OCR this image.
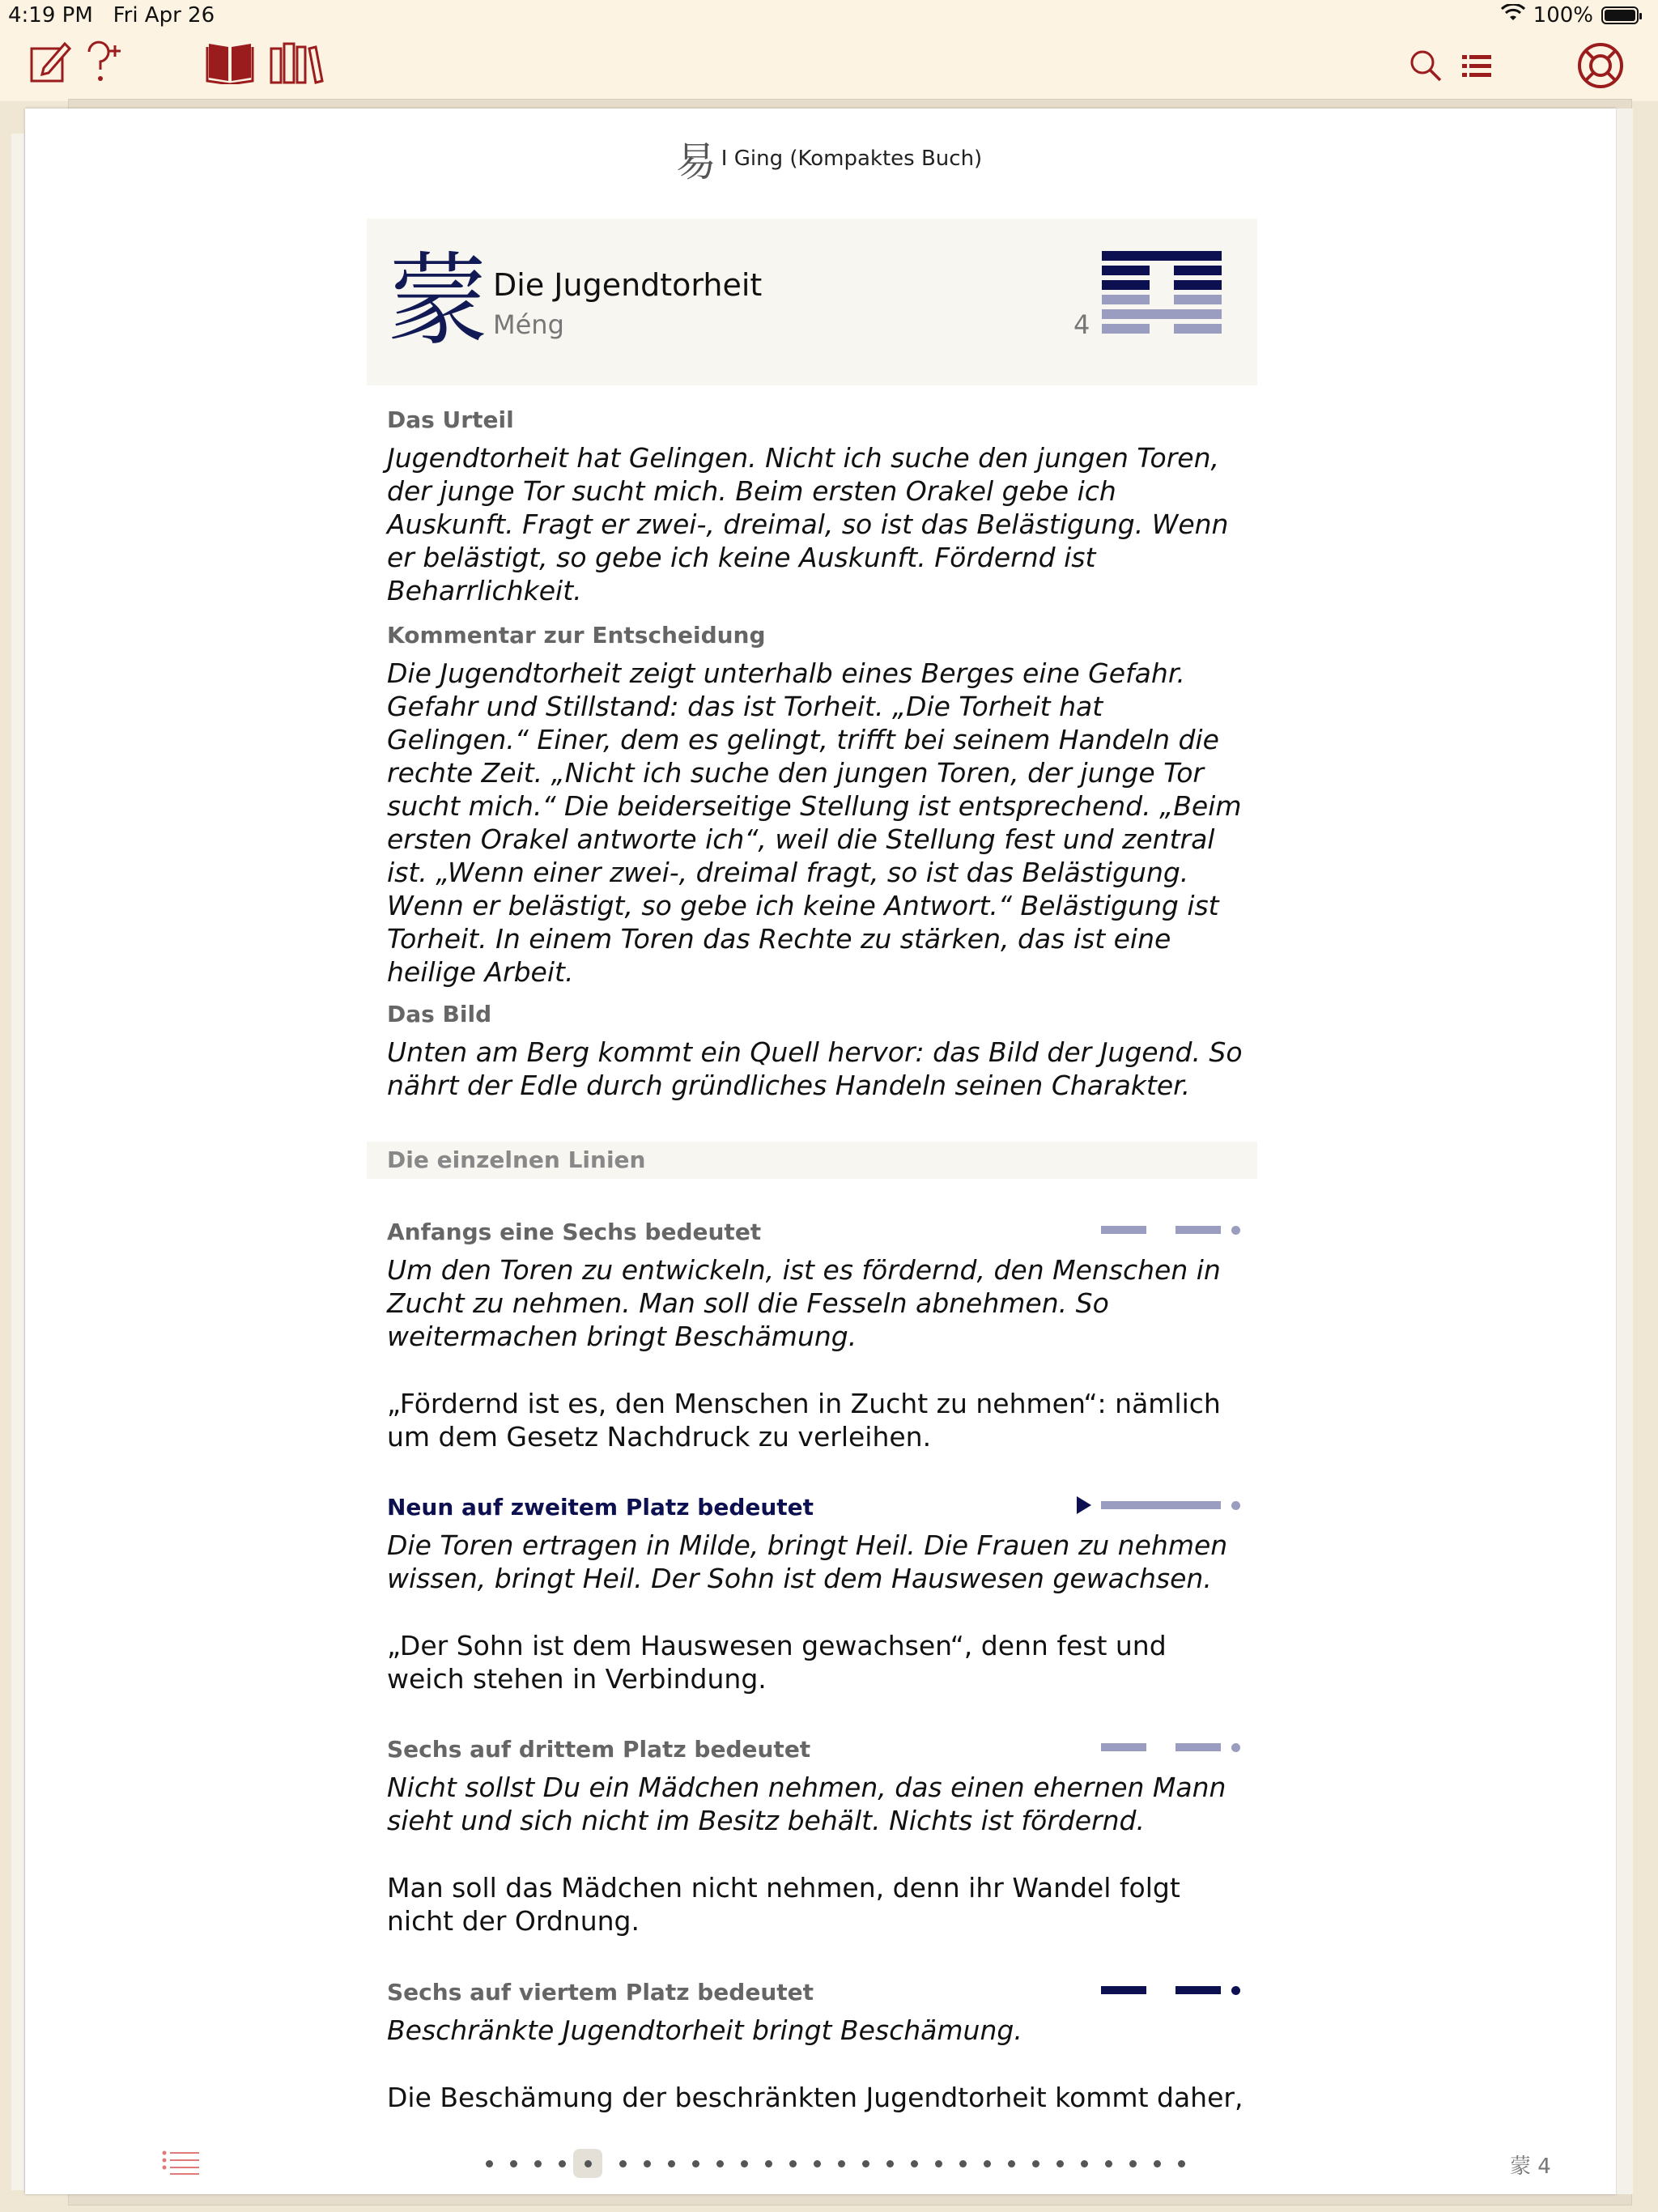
4:19 PM Fri Apr 26	100%
易 I Ging (Kompaktes Buch)
蒙 Die Jugendtorheit
Méng	4
Das Urteil
Jugendtorheit hat Gelingen. Nicht ich suche den jungen Toren, der junge Tor sucht mich. Beim ersten Orakel gebe ich Auskunft. Fragt er zwei-, dreimal, so ist das Belästigung. Wenn er belästigt, so gebe ich keine Auskunft. Fördernd ist Beharrlichkeit.
Kommentar zur Entscheidung
Die Jugendtorheit zeigt unterhalb eines Berges eine Gefahr. Gefahr und Stillstand: das ist Torheit. „Die Torheit hat Gelingen.“ Einer, dem es gelingt, trifft bei seinem Handeln die rechte Zeit. „Nicht ich suche den jungen Toren, der junge Tor sucht mich.“ Die beiderseitige Stellung ist entsprechend. „Beim ersten Orakel antworte ich“, weil die Stellung fest und zentral ist. „Wenn einer zwei-, dreimal fragt, so ist das Belästigung. Wenn er belästigt, so gebe ich keine Antwort.“ Belästigung ist Torheit. In einem Toren das Rechte zu stärken, das ist eine heilige Arbeit.
Das Bild
Unten am Berg kommt ein Quell hervor: das Bild der Jugend. So nährt der Edle durch gründliches Handeln seinen Charakter.
Die einzelnen Linien
Anfangs eine Sechs bedeutet
Um den Toren zu entwickeln, ist es fördernd, den Menschen in Zucht zu nehmen. Man soll die Fesseln abnehmen. So weitermachen bringt Beschämung.
„Fördernd ist es, den Menschen in Zucht zu nehmen“: nämlich um dem Gesetz Nachdruck zu verleihen.
Neun auf zweitem Platz bedeutet
Die Toren ertragen in Milde, bringt Heil. Die Frauen zu nehmen wissen, bringt Heil. Der Sohn ist dem Hauswesen gewachsen.
„Der Sohn ist dem Hauswesen gewachsen“, denn fest und weich stehen in Verbindung.
Sechs auf drittem Platz bedeutet
Nicht sollst Du ein Mädchen nehmen, das einen ehernen Mann sieht und sich nicht im Besitz behält. Nichts ist fördernd.
Man soll das Mädchen nicht nehmen, denn ihr Wandel folgt nicht der Ordnung.
Sechs auf viertem Platz bedeutet
Beschränkte Jugendtorheit bringt Beschämung.
Die Beschämung der beschränkten Jugendtorheit kommt daher,
蒙 4
